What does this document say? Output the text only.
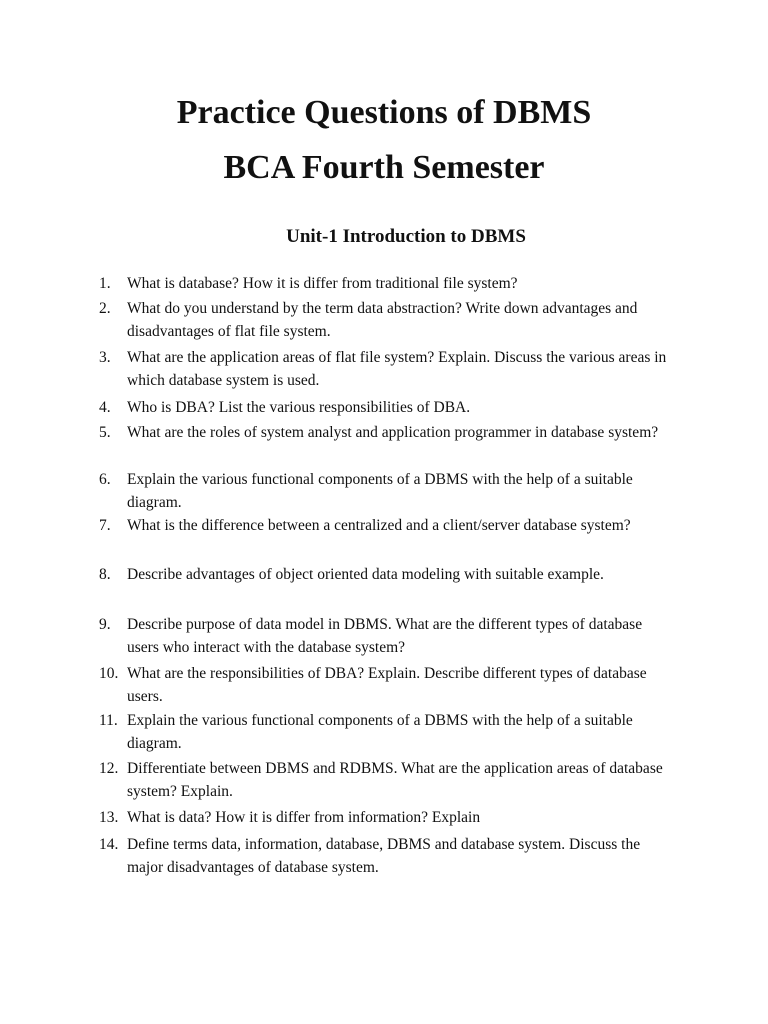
Practice Questions of DBMS
BCA Fourth Semester
Unit-1 Introduction to DBMS
1. What is database? How it is differ from traditional file system?
2. What do you understand by the term data abstraction? Write down advantages and disadvantages of flat file system.
3. What are the application areas of flat file system? Explain. Discuss the various areas in which database system is used.
4. Who is DBA? List the various responsibilities of DBA.
5. What are the roles of system analyst and application programmer in database system?
6. Explain the various functional components of a DBMS with the help of a suitable diagram.
7. What is the difference between a centralized and a client/server database system?
8. Describe advantages of object oriented data modeling with suitable example.
9. Describe purpose of data model in DBMS. What are the different types of database users who interact with the database system?
10. What are the responsibilities of DBA? Explain. Describe different types of database users.
11. Explain the various functional components of a DBMS with the help of a suitable diagram.
12. Differentiate between DBMS and RDBMS. What are the application areas of database system? Explain.
13. What is data? How it is differ from information? Explain
14. Define terms data, information, database, DBMS and database system. Discuss the major disadvantages of database system.
